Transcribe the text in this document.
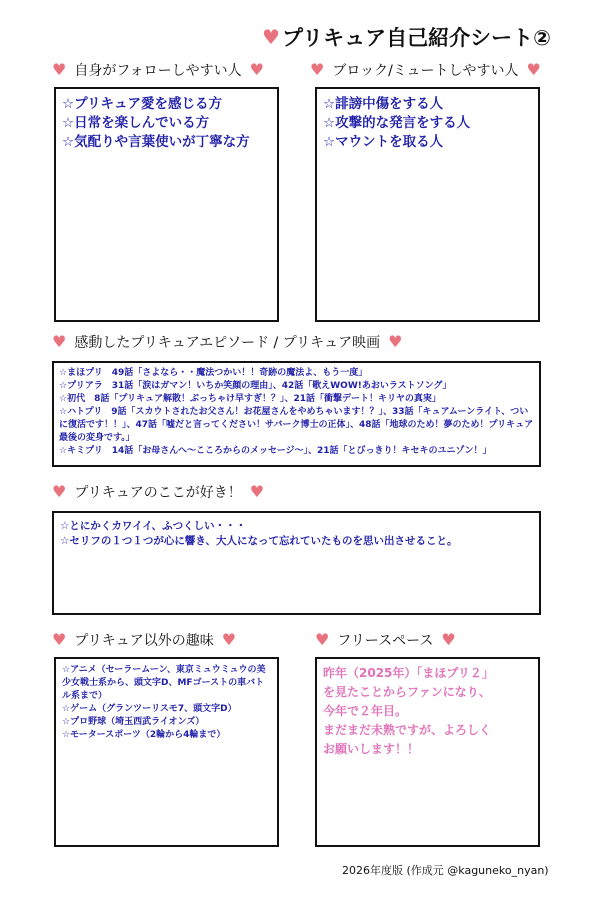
♥ プリキュア自己紹介シート②
♥ 自身がフォローしやすい人 ♥
☆プリキュア愛を感じる方
☆日常を楽しんでいる方
☆気配りや言葉使いが丁寧な方
♥ ブロック/ミュートしやすい人 ♥
☆誹謗中傷をする人
☆攻撃的な発言をする人
☆マウントを取る人
♥ 感動したプリキュアエピソード / プリキュア映画 ♥
☆まほプリ　49話「さよなら・・魔法つかい！！奇跡の魔法よ、もう一度」
☆プリアラ　31話「涙はガマン！いちか笑顔の理由」、42話「歌えWOW!あおいラストソング」
☆初代　8話「プリキュア解散！ぶっちゃけ早すぎ！？」、21話「衝撃デート！キリヤの真実」
☆ハトプリ　9話「スカウトされたお父さん！お花屋さんをやめちゃいます！？」、33話「キュアムーンライト、ついに復活です！！」、47話「嘘だと言ってください！サバーク博士の正体」、48話「地球のため！夢のため！プリキュア最後の変身です。」
☆キミプリ　14話「お母さんへ～こころからのメッセージ～」、21話「とびっきり！キセキのユニゾン！」
♥ プリキュアのここが好き！ ♥
☆とにかくカワイイ、ふつくしい・・・
☆セリフの１つ１つが心に響き、大人になって忘れていたものを思い出させること。
♥ プリキュア以外の趣味 ♥
☆アニメ（セーラームーン、東京ミュウミュウの美少女戦士系から、頭文字D、MFゴーストの車バトル系まで）
☆ゲーム（グランツーリスモ7、頭文字D）
☆プロ野球（埼玉西武ライオンズ）
☆モータースポーツ（2輪から4輪まで）
♥ フリースペース ♥
昨年（2025年）「まほプリ２」
を見たことからファンになり、
今年で２年目。
まだまだ未熟ですが、よろしく
お願いします！！
2026年度版 (作成元 @kaguneko_nyan)
